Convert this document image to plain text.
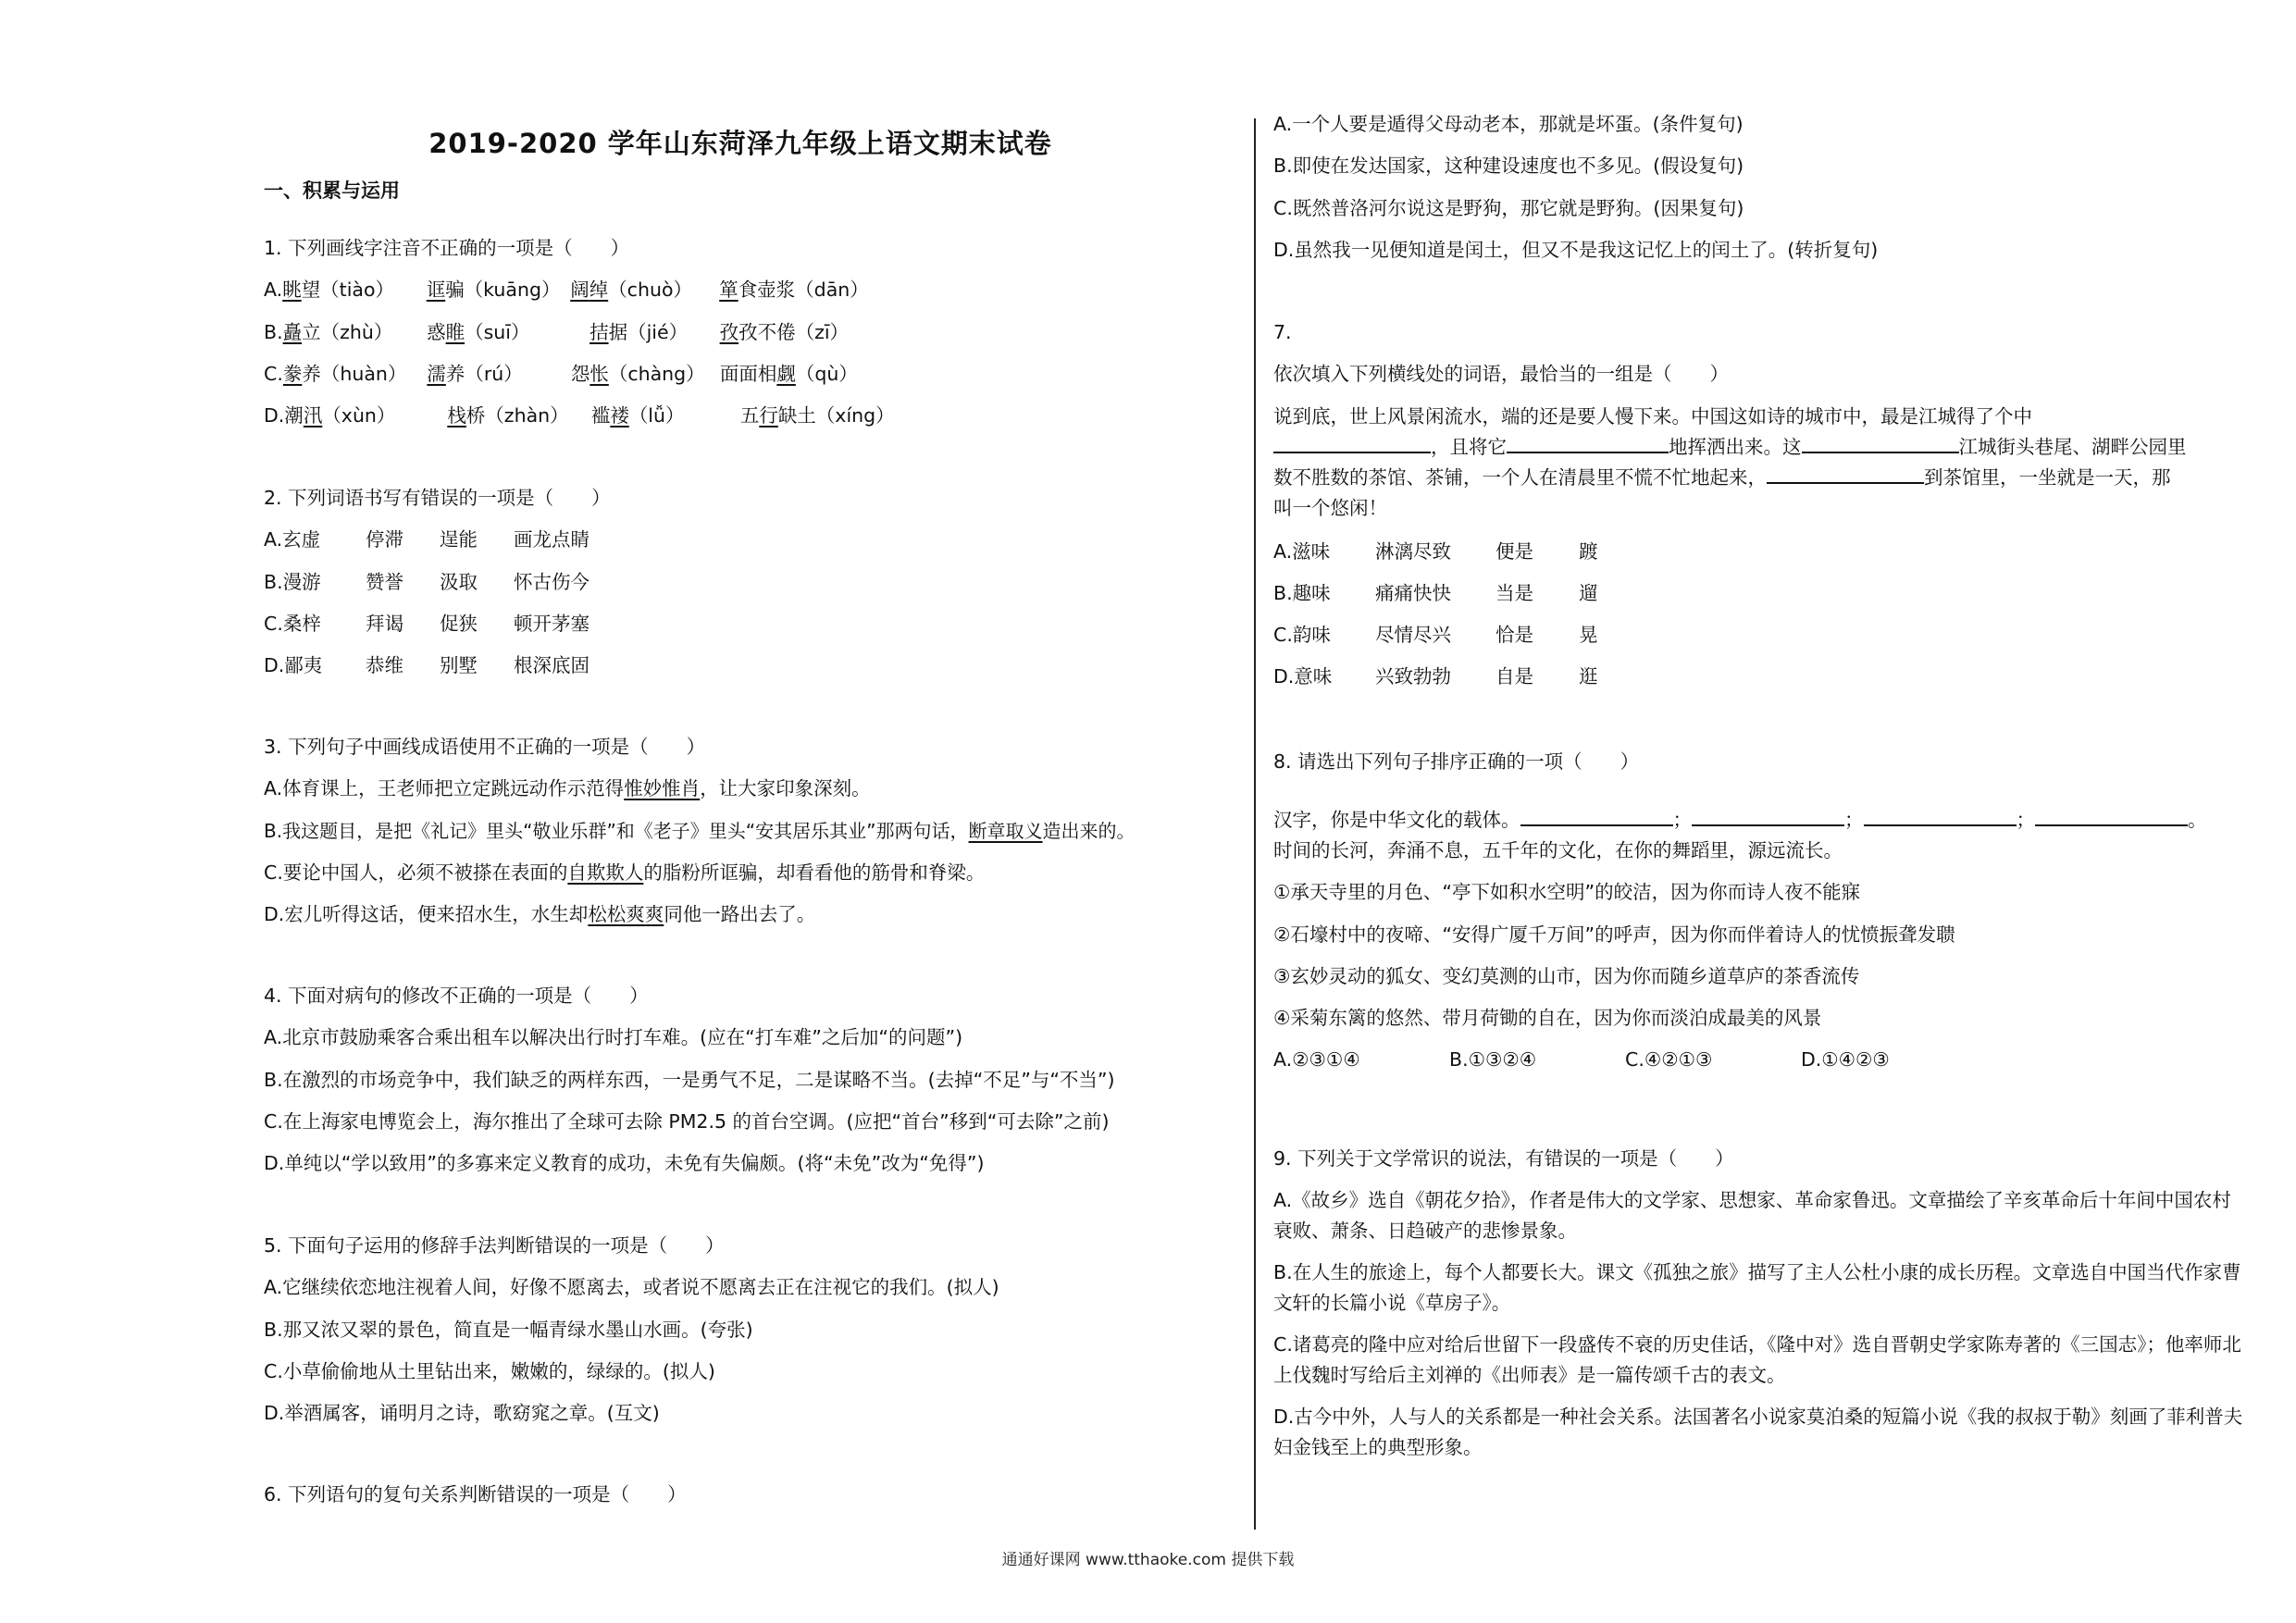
2019-2020 学年山东菏泽九年级上语文期末试卷
一、积累与运用
1. 下列画线字注音不正确的一项是（　　）
A.眺望（tiào） 诓骗（kuāng） 阔绰（chuò） 箪食壶浆（dān）
B.矗立（zhù） 惑睢（suī）	拮据（jié） 孜孜不倦（zī）
C.豢养（huàn） 濡养（rú）	怨怅（chàng） 面面相觑（qù）
D.潮汛（xùn）	栈桥（zhàn） 褴褛（lǚ）	五行缺土（xíng）
2. 下列词语书写有错误的一项是（　　）
A.玄虚 停滞 逞能 画龙点睛
B.漫游 赞誉 汲取 怀古伤今
C.桑梓 拜谒 促狭 顿开茅塞
D.鄙夷 恭维 别墅 根深底固
3. 下列句子中画线成语使用不正确的一项是（　　）
A.体育课上，王老师把立定跳远动作示范得惟妙惟肖，让大家印象深刻。
B.我这题目，是把《礼记》里头“敬业乐群”和《老子》里头“安其居乐其业”那两句话，断章取义造出来的。
C.要论中国人，必须不被搽在表面的自欺欺人的脂粉所诓骗，却看看他的筋骨和脊梁。
D.宏儿听得这话，便来招水生，水生却松松爽爽同他一路出去了。
4. 下面对病句的修改不正确的一项是（　　）
A.北京市鼓励乘客合乘出租车以解决出行时打车难。(应在“打车难”之后加“的问题”)
B.在激烈的市场竞争中，我们缺乏的两样东西，一是勇气不足，二是谋略不当。(去掉“不足”与“不当”)
C.在上海家电博览会上，海尔推出了全球可去除 PM2.5 的首台空调。(应把“首台”移到“可去除”之前)
D.单纯以“学以致用”的多寡来定义教育的成功，未免有失偏颇。(将“未免”改为“免得”)
5. 下面句子运用的修辞手法判断错误的一项是（　　）
A.它继续依恋地注视着人间，好像不愿离去，或者说不愿离去正在注视它的我们。(拟人)
B.那又浓又翠的景色，简直是一幅青绿水墨山水画。(夸张)
C.小草偷偷地从土里钻出来，嫩嫩的，绿绿的。(拟人)
D.举酒属客，诵明月之诗，歌窈窕之章。(互文)
6. 下列语句的复句关系判断错误的一项是（　　）
A.一个人要是遁得父母动老本，那就是坏蛋。(条件复句)
B.即使在发达国家，这种建设速度也不多见。(假设复句)
C.既然普洛河尔说这是野狗，那它就是野狗。(因果复句)
D.虽然我一见便知道是闰土，但又不是我这记忆上的闰土了。(转折复句)
7.
依次填入下列横线处的词语，最恰当的一组是（　　）
说到底，世上风景闲流水，端的还是要人慢下来。中国这如诗的城市中，最是江城得了个中
，且将它	地挥洒出来。这	江城街头巷尾、湖畔公园里
数不胜数的茶馆、茶铺，一个人在清晨里不慌不忙地起来，	到茶馆里，一坐就是一天，那
叫一个悠闲！
A.滋味 淋漓尽致 便是 踱
B.趣味 痛痛快快 当是 遛
C.韵味 尽情尽兴 恰是 晃
D.意味 兴致勃勃 自是 逛
8. 请选出下列句子排序正确的一项（　　）
汉字，你是中华文化的载体。	；	；	；	。
时间的长河，奔涌不息，五千年的文化，在你的舞蹈里，源远流长。
①承天寺里的月色、“亭下如积水空明”的皎洁，因为你而诗人夜不能寐
②石壕村中的夜啼、“安得广厦千万间”的呼声，因为你而伴着诗人的忧愤振聋发聩
③玄妙灵动的狐女、变幻莫测的山市，因为你而随乡道草庐的茶香流传
④采菊东篱的悠然、带月荷锄的自在，因为你而淡泊成最美的风景
A.②③①④	B.①③②④	C.④②①③	D.①④②③
9. 下列关于文学常识的说法，有错误的一项是（　　）
A.《故乡》选自《朝花夕拾》，作者是伟大的文学家、思想家、革命家鲁迅。文章描绘了辛亥革命后十年间中国农村衰败、萧条、日趋破产的悲惨景象。
B.在人生的旅途上，每个人都要长大。课文《孤独之旅》描写了主人公杜小康的成长历程。文章选自中国当代作家曹文轩的长篇小说《草房子》。
C.诸葛亮的隆中应对给后世留下一段盛传不衰的历史佳话，《隆中对》选自晋朝史学家陈寿著的《三国志》；他率师北上伐魏时写给后主刘禅的《出师表》是一篇传颂千古的表文。
D.古今中外，人与人的关系都是一种社会关系。法国著名小说家莫泊桑的短篇小说《我的叔叔于勒》刻画了菲利普夫妇金钱至上的典型形象。
通通好课网 www.tthaoke.com 提供下载
